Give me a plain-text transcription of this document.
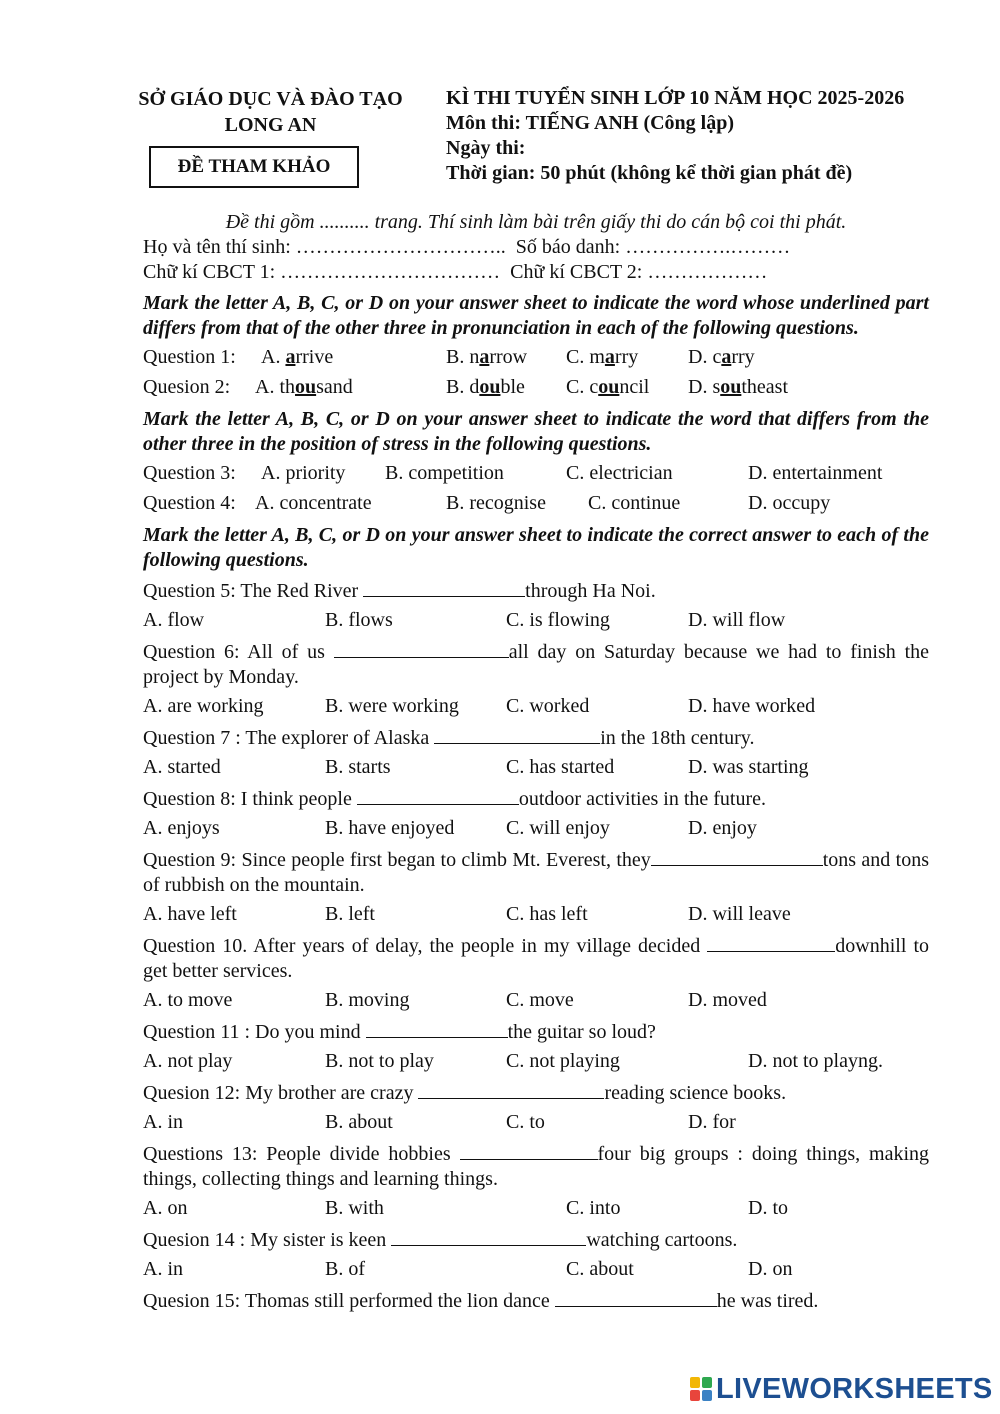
SỞ GIÁO DỤC VÀ ĐÀO TẠO
LONG AN
ĐỀ THAM KHẢO
KÌ THI TUYỂN SINH LỚP 10 NĂM HỌC 2025-2026
Môn thi: TIẾNG ANH (Công lập)
Ngày thi:
Thời gian: 50 phút (không kể thời gian phát đề)
Đề thi gồm .......... trang. Thí sinh làm bài trên giấy thi do cán bộ coi thi phát.
Họ và tên thí sinh: …………………………..  Số báo danh: …………….………
Chữ kí CBCT 1: ……………………………  Chữ kí CBCT 2: ………………
Mark the letter A, B, C, or D on your answer sheet to indicate the word whose underlined part differs from that of the other three in pronunciation in each of the following questions.
Question 1: A. arrive	B. narrow C. marry D. carry
Quesion 2: A. thousand	B. double C. council D. southeast
Mark the letter A, B, C, or D on your answer sheet to indicate the word that differs from the other three in the position of stress in the following questions.
Question 3: A. priority B. competition	C. electrician	D. entertainment
Question 4: A. concentrate	B. recognise C. continue	D. occupy
Mark the letter A, B, C, or D on your answer sheet to indicate the correct answer to each of the following questions.
Question 5: The Red River	through Ha Noi.
A. flow	B. flows	C. is flowing	D. will flow
Question 6: All of us	all day on Saturday because we had to finish the project by Monday.
A. are working	B. were working C. worked	D. have worked
Question 7 : The explorer of Alaska	in the 18th century.
A. started	B. starts	C. has started	D. was starting
Question 8: I think people	outdoor activities in the future.
A. enjoys	B. have enjoyed	C. will enjoy	D. enjoy
Question 9: Since people first began to climb Mt. Everest, they	tons and tons of rubbish on the mountain.
A. have left	B. left	C. has left	D. will leave
Question 10. After years of delay, the people in my village decided	downhill to get better services.
A. to move	B. moving	C. move	D. moved
Question 11 : Do you mind	the guitar so loud?
A. not play	B. not to play	C. not playing	D. not to playng.
Quesion 12: My brother are crazy	reading science books.
A. in	B. about	C. to	D. for
Questions 13: People divide hobbies	four big groups : doing things, making things, collecting things and learning things.
A. on	B. with	C. into	D. to
Quesion 14 : My sister is keen	watching cartoons.
A. in	B. of	C. about	D. on
Quesion 15: Thomas still performed the lion dance	he was tired.
LIVEWORKSHEETS
